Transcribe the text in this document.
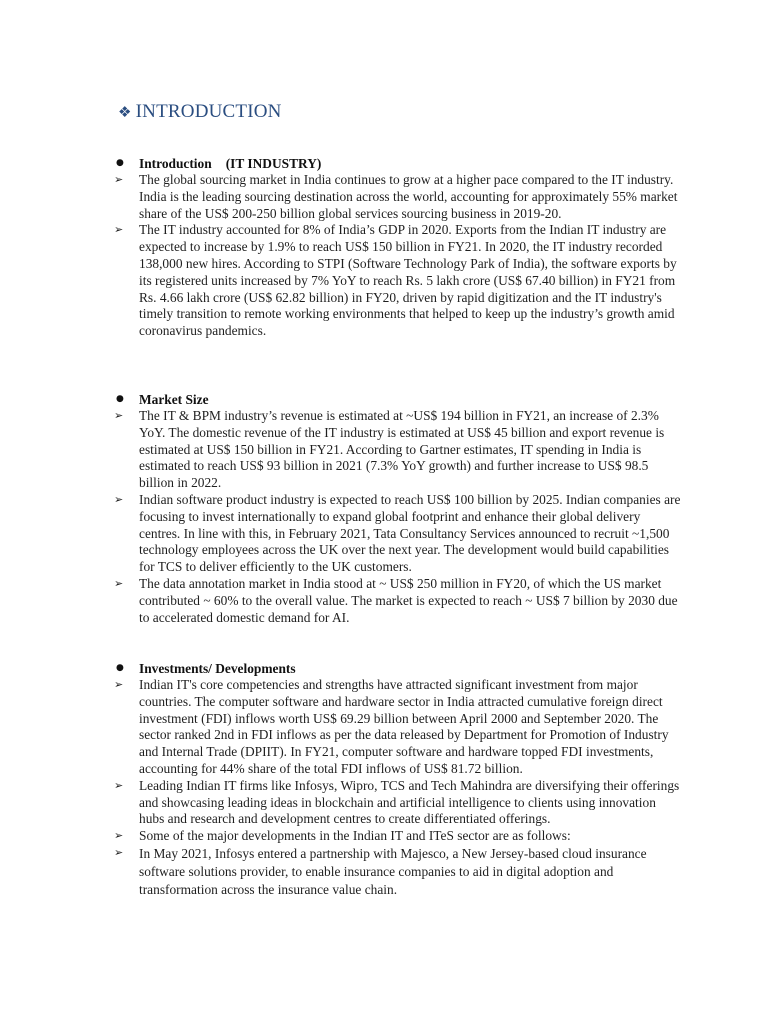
❖ INTRODUCTION
●	Introduction (IT INDUSTRY)
➢	The global sourcing market in India continues to grow at a higher pace compared to the IT industry. India is the leading sourcing destination across the world, accounting for approximately 55% market share of the US$ 200-250 billion global services sourcing business in 2019-20.
➢	The IT industry accounted for 8% of India’s GDP in 2020. Exports from the Indian IT industry are expected to increase by 1.9% to reach US$ 150 billion in FY21. In 2020, the IT industry recorded 138,000 new hires. According to STPI (Software Technology Park of India), the software exports by its registered units increased by 7% YoY to reach Rs. 5 lakh crore (US$ 67.40 billion) in FY21 from Rs. 4.66 lakh crore (US$ 62.82 billion) in FY20, driven by rapid digitization and the IT industry's timely transition to remote working environments that helped to keep up the industry’s growth amid coronavirus pandemics.
●	Market Size
➢	The IT & BPM industry’s revenue is estimated at ~US$ 194 billion in FY21, an increase of 2.3% YoY. The domestic revenue of the IT industry is estimated at US$ 45 billion and export revenue is estimated at US$ 150 billion in FY21. According to Gartner estimates, IT spending in India is estimated to reach US$ 93 billion in 2021 (7.3% YoY growth) and further increase to US$ 98.5 billion in 2022.
➢	Indian software product industry is expected to reach US$ 100 billion by 2025. Indian companies are focusing to invest internationally to expand global footprint and enhance their global delivery centres. In line with this, in February 2021, Tata Consultancy Services announced to recruit ~1,500 technology employees across the UK over the next year. The development would build capabilities for TCS to deliver efficiently to the UK customers.
➢	The data annotation market in India stood at ~ US$ 250 million in FY20, of which the US market contributed ~ 60% to the overall value. The market is expected to reach ~ US$ 7 billion by 2030 due to accelerated domestic demand for AI.
●	Investments/ Developments
➢	Indian IT's core competencies and strengths have attracted significant investment from major countries. The computer software and hardware sector in India attracted cumulative foreign direct investment (FDI) inflows worth US$ 69.29 billion between April 2000 and September 2020. The sector ranked 2nd in FDI inflows as per the data released by Department for Promotion of Industry and Internal Trade (DPIIT). In FY21, computer software and hardware topped FDI investments, accounting for 44% share of the total FDI inflows of US$ 81.72 billion.
➢	Leading Indian IT firms like Infosys, Wipro, TCS and Tech Mahindra are diversifying their offerings and showcasing leading ideas in blockchain and artificial intelligence to clients using innovation hubs and research and development centres to create differentiated offerings.
➢	Some of the major developments in the Indian IT and ITeS sector are as follows:
➢	In May 2021, Infosys entered a partnership with Majesco, a New Jersey-based cloud insurance software solutions provider, to enable insurance companies to aid in digital adoption and transformation across the insurance value chain.
